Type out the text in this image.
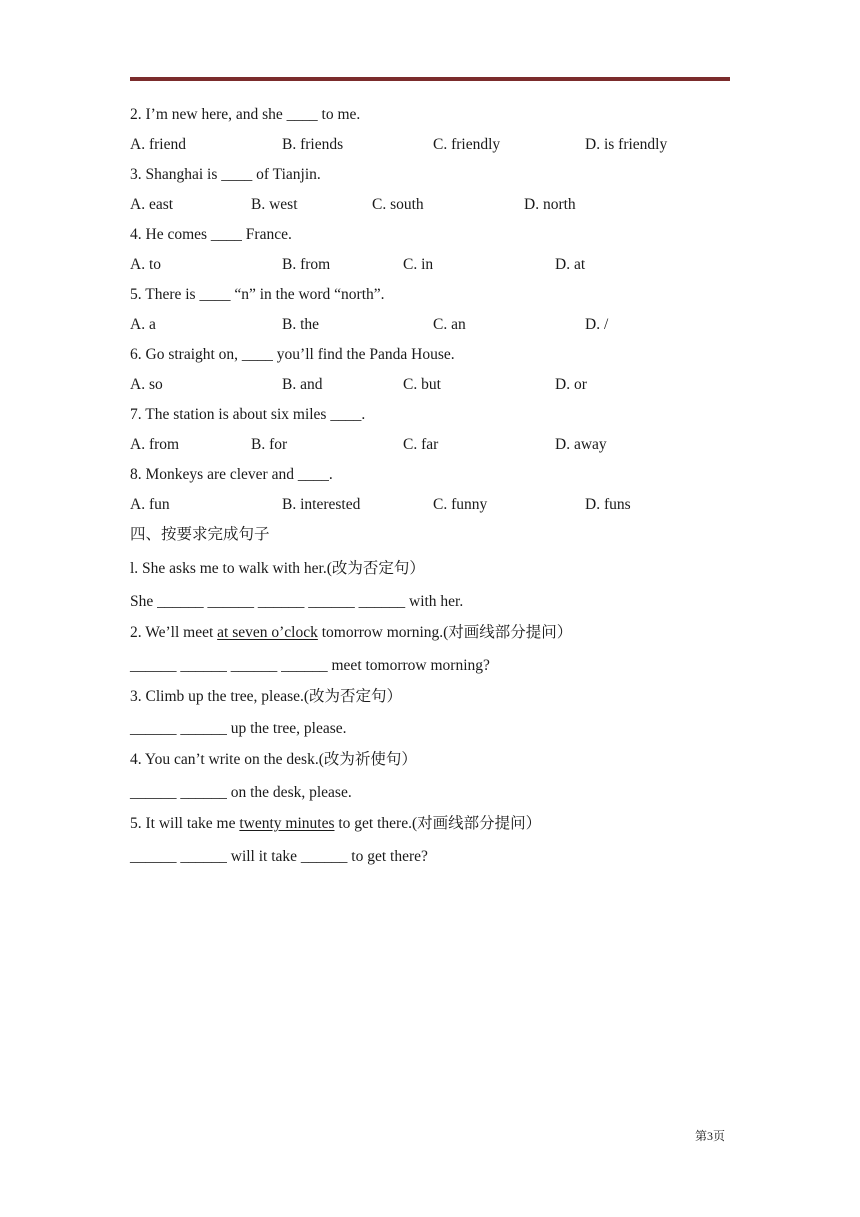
2. I’m new here, and she ____ to me.
A. friend	B. friends	C. friendly	D. is friendly
3. Shanghai is ____ of Tianjin.
A. east	B. west	C. south	D. north
4. He comes ____ France.
A. to	B. from	C. in	D. at
5. There is ____ “n” in the word “north”.
A. a	B. the	C. an	D. /
6. Go straight on, ____ you’ll find the Panda House.
A. so	B. and	C. but	D. or
7. The station is about six miles ____.
A. from	B. for	C. far	D. away
8. Monkeys are clever and ____.
A. fun	B. interested	C. funny	D. funs
四、按要求完成句子
l. She asks me to walk with her.(改为否定句）
She ______ ______ ______ ______ ______ with her.
2. We’ll meet at seven o’clock tomorrow morning.(对画线部分提问）
______ ______ ______ ______ meet tomorrow morning?
3. Climb up the tree, please.(改为否定句）
______ ______ up the tree, please.
4. You can’t write on the desk.(改为祈使句）
______ ______ on the desk, please.
5. It will take me twenty minutes to get there.(对画线部分提问）
______ ______ will it take ______ to get there?
第3页
